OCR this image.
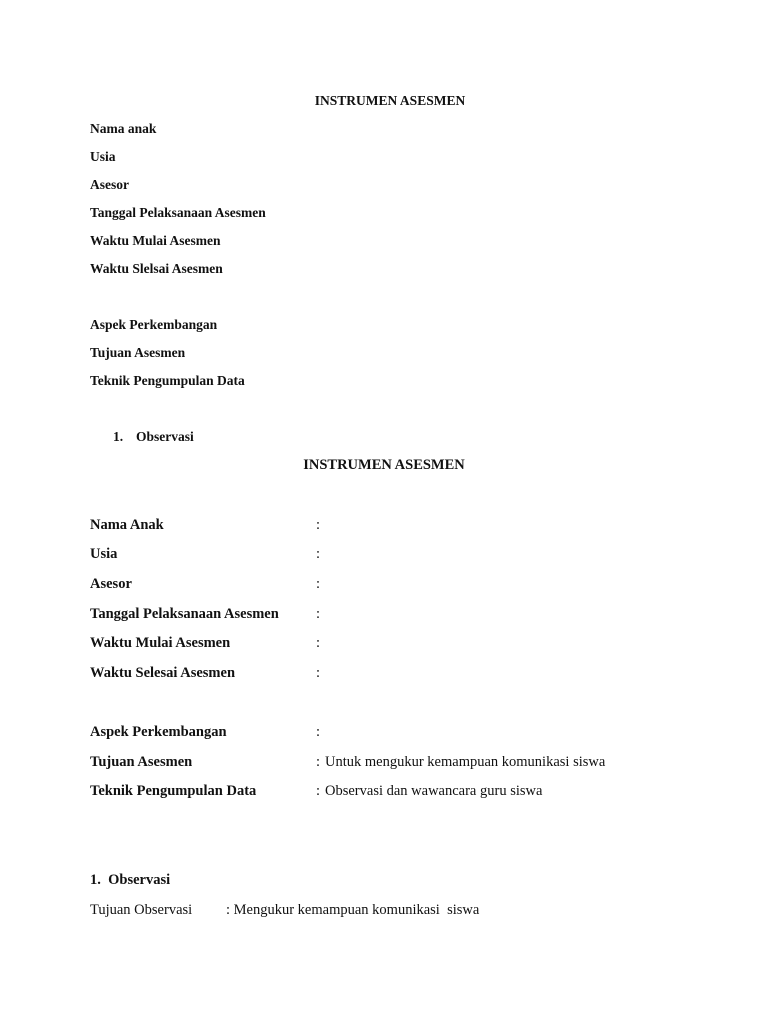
INSTRUMEN ASESMEN
Nama anak
Usia
Asesor
Tanggal Pelaksanaan Asesmen
Waktu Mulai Asesmen
Waktu Slelsai Asesmen
Aspek Perkembangan
Tujuan Asesmen
Teknik Pengumpulan Data
1. Observasi
INSTRUMEN ASESMEN
Nama Anak	:
Usia	:
Asesor	:
Tanggal Pelaksanaan Asesmen	:
Waktu Mulai Asesmen	:
Waktu Selesai Asesmen	:
Aspek Perkembangan	:
Tujuan Asesmen	: Untuk mengukur kemampuan komunikasi siswa
Teknik Pengumpulan Data	: Observasi dan wawancara guru siswa
1.  Observasi
Tujuan Observasi : Mengukur kemampuan komunikasi  siswa
